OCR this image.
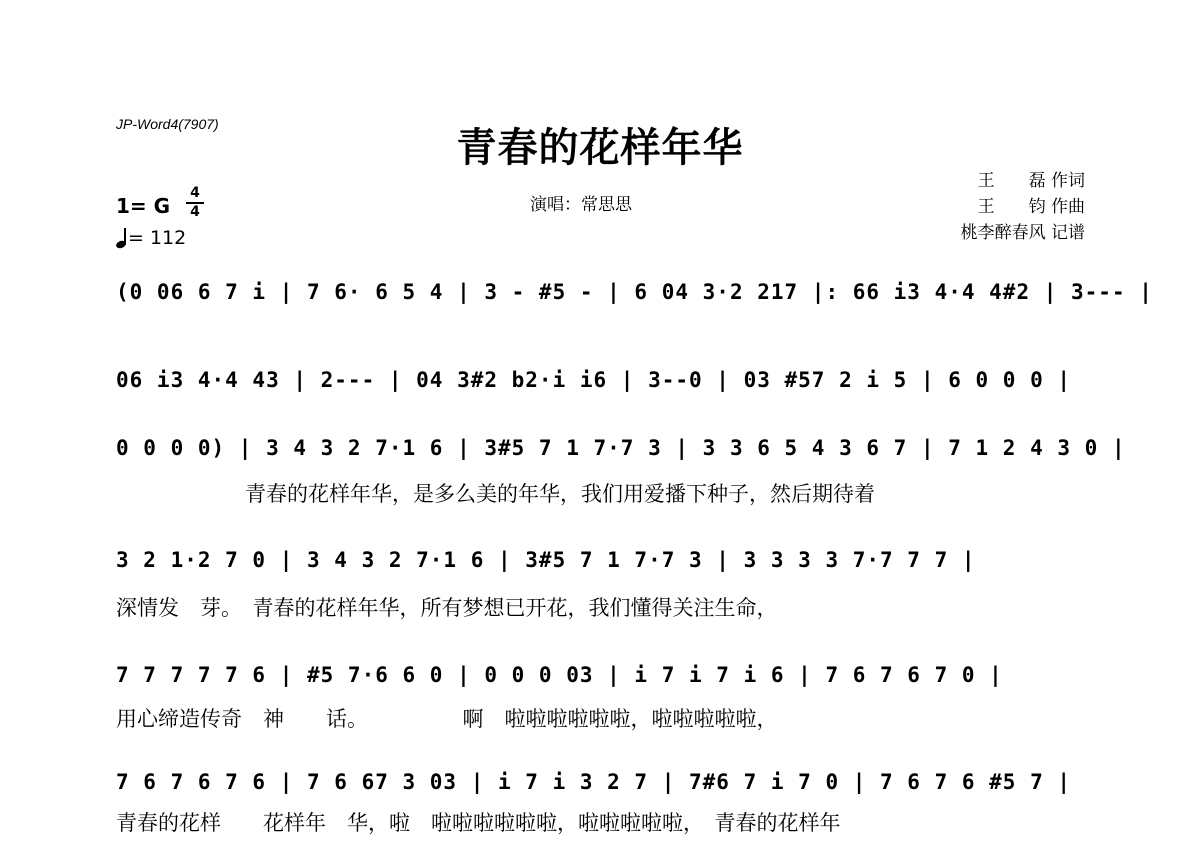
JP-Word4(7907)
青春的花样年华
演唱：常思思
王　　磊 作词
王　　钧 作曲
桃李醉春风 记谱
1= G
4
4
= 112
(0 06 6 7 i | 7 6· 6 5 4 | 3 - #5 - | 6 04 3·2 217 |: 66 i3 4·4 4#2 | 3--- |
06 i3 4·4 43 | 2--- | 04 3#2 b2·i i6 | 3--0 | 03 #57 2 i 5 | 6 0 0 0 |
0 0 0 0) | 3 4 3 2 7·1 6 | 3#5 7 1 7·7 3 | 3 3 6 5 4 3 6 7 | 7 1 2 4 3 0 |
青春的花样年华，是多么美的年华，我们用爱播下种子，然后期待着
3 2 1·2 7 0 | 3 4 3 2 7·1 6 | 3#5 7 1 7·7 3 | 3 3 3 3 7·7 7 7 |
深情发　芽。　青春的花样年华，所有梦想已开花，我们懂得关注生命，
7 7 7 7 7 6 | #5 7·6 6 0 | 0 0 0 03 | i 7 i 7 i 6 | 7 6 7 6 7 0 |
用心缔造传奇　神　　话。　　　　　啊　啦啦啦啦啦啦，啦啦啦啦啦，
7 6 7 6 7 6 | 7 6 67 3 03 | i 7 i 3 2 7 | 7#6 7 i 7 0 | 7 6 7 6 #5 7 |
青春的花样　　花样年　华，啦　啦啦啦啦啦啦，啦啦啦啦啦，　青春的花样年
